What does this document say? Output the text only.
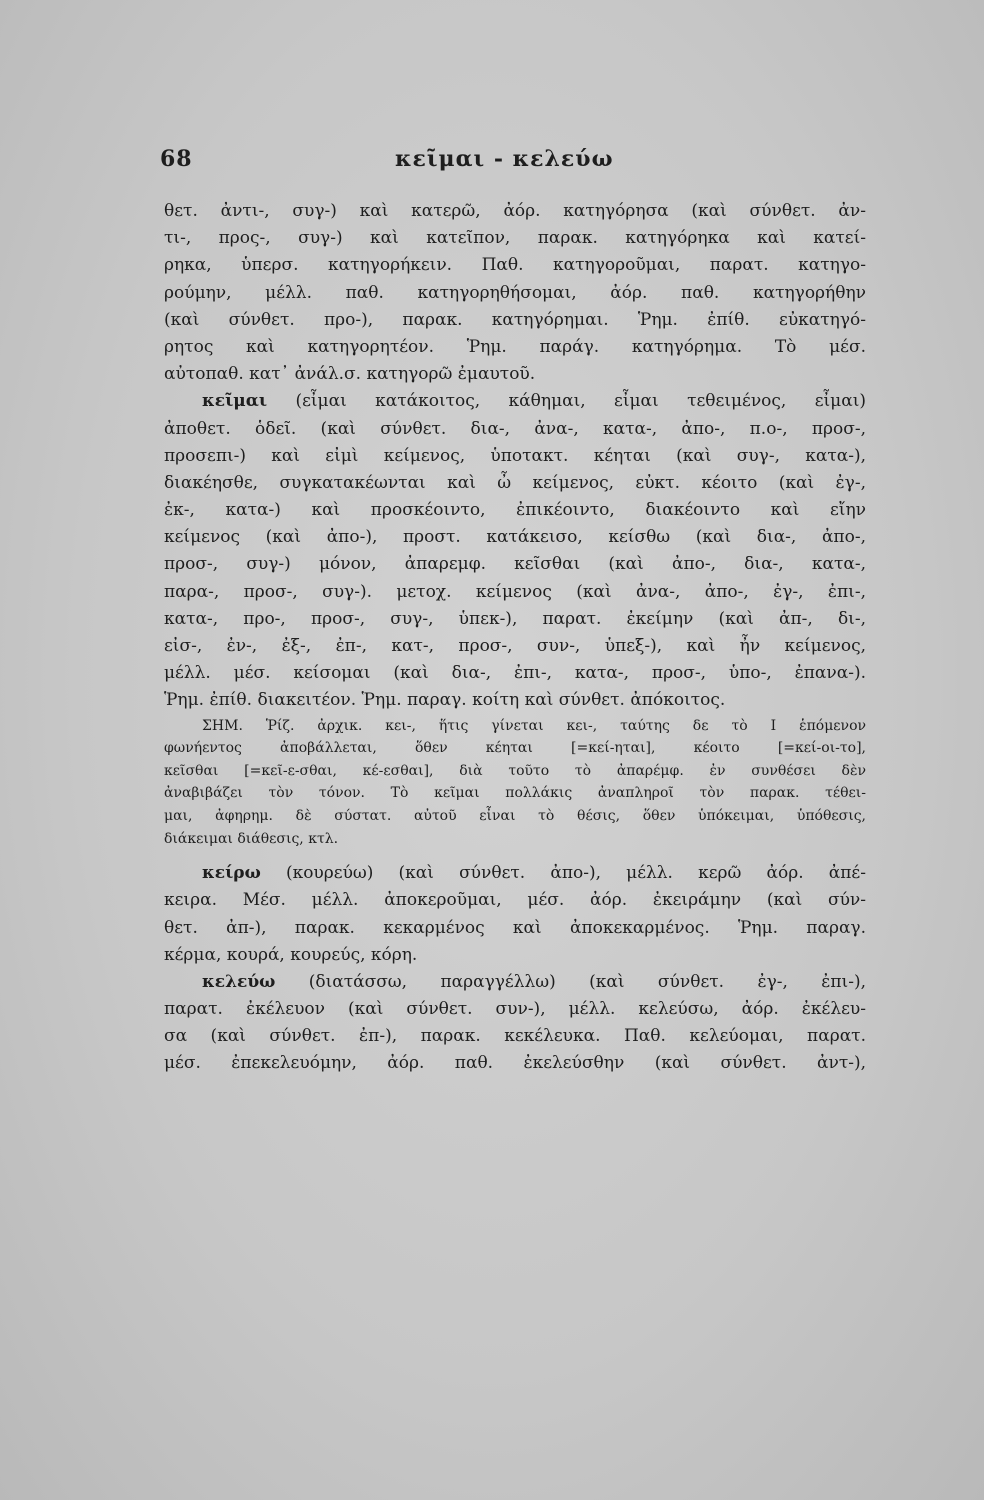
68	κεῖμαι - κελεύω
θετ. ἀντι-, συγ-) καὶ κατερῶ, ἀόρ. κατηγόρησα (καὶ σύνθετ. ἀν-
τι-, προς-, συγ-) καὶ κατεῖπον, παρακ. κατηγόρηκα καὶ κατεί-
ρηκα, ὑπερσ. κατηγορήκειν. Παθ. κατηγοροῦμαι, παρατ. κατηγο-
ρούμην, μέλλ. παθ. κατηγορηθήσομαι, ἀόρ. παθ. κατηγορήθην
(καὶ σύνθετ. προ-), παρακ. κατηγόρημαι. Ῥημ. ἐπίθ. εὐκατηγό-
ρητος καὶ κατηγορητέον. Ῥημ. παράγ. κατηγόρημα. Τὸ μέσ.
αὐτοπαθ. κατ᾽ ἀνάλ.σ. κατηγορῶ ἐμαυτοῦ.
κεῖμαι (εἶμαι κατάκοιτος, κάθημαι, εἶμαι τεθειμένος, εἶμαι)
ἀποθετ. ὁδεῖ. (καὶ σύνθετ. δια-, ἀνα-, κατα-, ἀπο-, π.ο-, προσ-,
προσεπι-) καὶ εἰμὶ κείμενος, ὑποτακτ. κέηται (καὶ συγ-, κατα-),
διακέησθε, συγκατακέωνται καὶ ὦ κείμενος, εὐκτ. κέοιτο (καὶ ἐγ-,
ἐκ-, κατα-) καὶ προσκέοιντο, ἐπικέοιντο, διακέοιντο καὶ εἴην
κείμενος (καὶ ἀπο-), προστ. κατάκεισο, κείσθω (καὶ δια-, ἀπο-,
προσ-, συγ-) μόνον, ἀπαρεμφ. κεῖσθαι (καὶ ἀπο-, δια-, κατα-,
παρα-, προσ-, συγ-). μετοχ. κείμενος (καὶ ἀνα-, ἀπο-, ἐγ-, ἐπι-,
κατα-, προ-, προσ-, συγ-, ὑπεκ-), παρατ. ἐκείμην (καὶ ἀπ-, δι-,
εἰσ-, ἐν-, ἐξ-, ἐπ-, κατ-, προσ-, συν-, ὑπεξ-), καὶ ἦν κείμενος,
μέλλ. μέσ. κείσομαι (καὶ δια-, ἐπι-, κατα-, προσ-, ὑπο-, ἐπανα-).
Ῥημ. ἐπίθ. διακειτέον. Ῥημ. παραγ. κοίτη καὶ σύνθετ. ἀπόκοιτος.
ΣΗΜ. Ῥίζ. ἀρχικ. κει-, ἥτις γίνεται κει-, ταύτης δε τὸ Ι ἑπόμενον
φωνήεντος ἀποβάλλεται, ὅθεν κέηται [=κεί-ηται], κέοιτο [=κεί-οι-το],
κεῖσθαι [=κεῖ-ε-σθαι, κέ-εσθαι], διὰ τοῦτο τὸ ἀπαρέμφ. ἐν συνθέσει δὲν
ἀναβιβάζει τὸν τόνον. Τὸ κεῖμαι πολλάκις ἀναπληροῖ τὸν παρακ. τέθει-
μαι, ἀφηρημ. δὲ σύστατ. αὐτοῦ εἶναι τὸ θέσις, ὅθεν ὑπόκειμαι, ὑπόθεσις,
διάκειμαι διάθεσις, κτλ.
κείρω (κουρεύω) (καὶ σύνθετ. ἀπο-), μέλλ. κερῶ ἀόρ. ἀπέ-
κειρα. Μέσ. μέλλ. ἀποκεροῦμαι, μέσ. ἀόρ. ἐκειράμην (καὶ σύν-
θετ. ἀπ-), παρακ. κεκαρμένος καὶ ἀποκεκαρμένος. Ῥημ. παραγ.
κέρμα, κουρά, κουρεύς, κόρη.
κελεύω (διατάσσω, παραγγέλλω) (καὶ σύνθετ. ἐγ-, ἐπι-),
παρατ. ἐκέλευον (καὶ σύνθετ. συν-), μέλλ. κελεύσω, ἀόρ. ἐκέλευ-
σα (καὶ σύνθετ. ἐπ-), παρακ. κεκέλευκα. Παθ. κελεύομαι, παρατ.
μέσ. ἐπεκελευόμην, ἀόρ. παθ. ἐκελεύσθην (καὶ σύνθετ. ἀντ-),
